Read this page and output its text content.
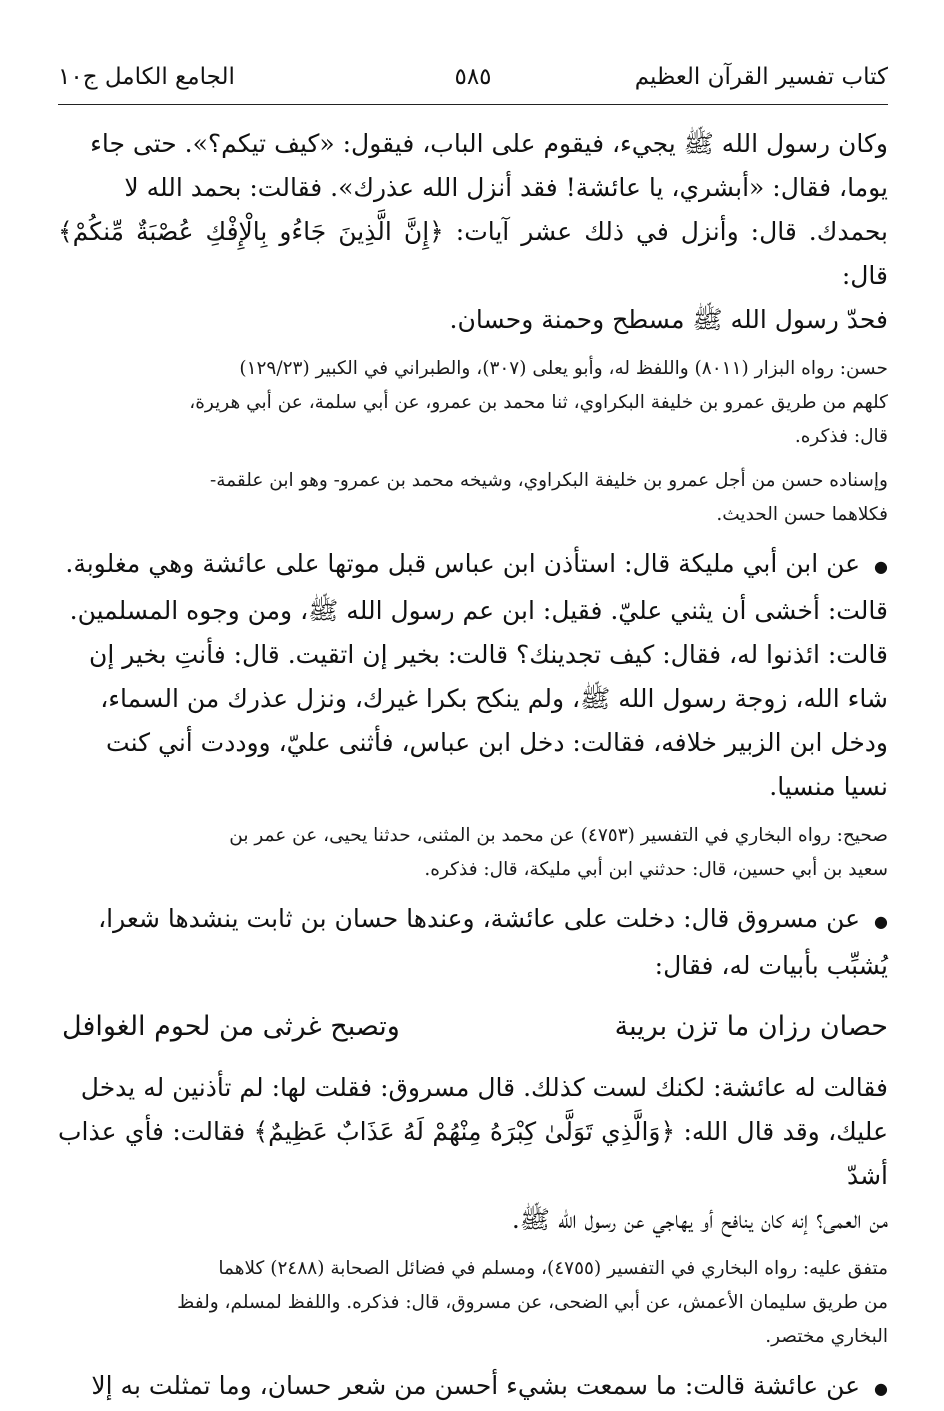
كتاب تفسير القرآن العظيم
٥٨٥
الجامع الكامل ج١٠

وكان رسول الله ﷺ يجيء، فيقوم على الباب، فيقول: «كيف تيكم؟». حتى جاء

يوما، فقال: «أبشري، يا عائشة! فقد أنزل الله عذرك». فقالت: بحمد الله لا

بحمدك. قال: وأنزل في ذلك عشر آيات: ﴿إِنَّ الَّذِينَ جَاءُو بِالْإِفْكِ عُصْبَةٌ مِّنكُمْ﴾ قال:

فحدّ رسول الله ﷺ مسطح وحمنة وحسان.

حسن: رواه البزار (٨٠١١) واللفظ له، وأبو يعلى (٣٠٧)، والطبراني في الكبير (١٢٩/٢٣)

كلهم من طريق عمرو بن خليفة البكراوي، ثنا محمد بن عمرو، عن أبي سلمة، عن أبي هريرة،

قال: فذكره.

وإسناده حسن من أجل عمرو بن خليفة البكراوي، وشيخه محمد بن عمرو- وهو ابن علقمة-

فكلاهما حسن الحديث.

● عن ابن أبي مليكة قال: استأذن ابن عباس قبل موتها على عائشة وهي مغلوبة.

قالت: أخشى أن يثني عليّ. فقيل: ابن عم رسول الله ﷺ، ومن وجوه المسلمين.

قالت: ائذنوا له، فقال: كيف تجدينك؟ قالت: بخير إن اتقيت. قال: فأنتِ بخير إن

شاء الله، زوجة رسول الله ﷺ، ولم ينكح بكرا غيرك، ونزل عذرك من السماء،

ودخل ابن الزبير خلافه، فقالت: دخل ابن عباس، فأثنى عليّ، ووددت أني كنت

نسيا منسيا.

صحيح: رواه البخاري في التفسير (٤٧٥٣) عن محمد بن المثنى، حدثنا يحيى، عن عمر بن

سعيد بن أبي حسين، قال: حدثني ابن أبي مليكة، قال: فذكره.

● عن مسروق قال: دخلت على عائشة، وعندها حسان بن ثابت ينشدها شعرا،

يُشبِّب بأبيات له، فقال:

حصان رزان ما تزن بريبة
وتصبح غرثى من لحوم الغوافل

فقالت له عائشة: لكنك لست كذلك. قال مسروق: فقلت لها: لم تأذنين له يدخل

عليك، وقد قال الله: ﴿وَالَّذِي تَوَلَّىٰ كِبْرَهُ مِنْهُمْ لَهُ عَذَابٌ عَظِيمٌ﴾ فقالت: فأي عذاب أشدّ

من العمى؟ إنه كان ينافح أو يهاجي عن رسول الله ﷺ.

متفق عليه: رواه البخاري في التفسير (٤٧٥٥)، ومسلم في فضائل الصحابة (٢٤٨٨) كلاهما

من طريق سليمان الأعمش، عن أبي الضحى، عن مسروق، قال: فذكره. واللفظ لمسلم، ولفظ

البخاري مختصر.

● عن عائشة قالت: ما سمعت بشيء أحسن من شعر حسان، وما تمثلت به إلا
